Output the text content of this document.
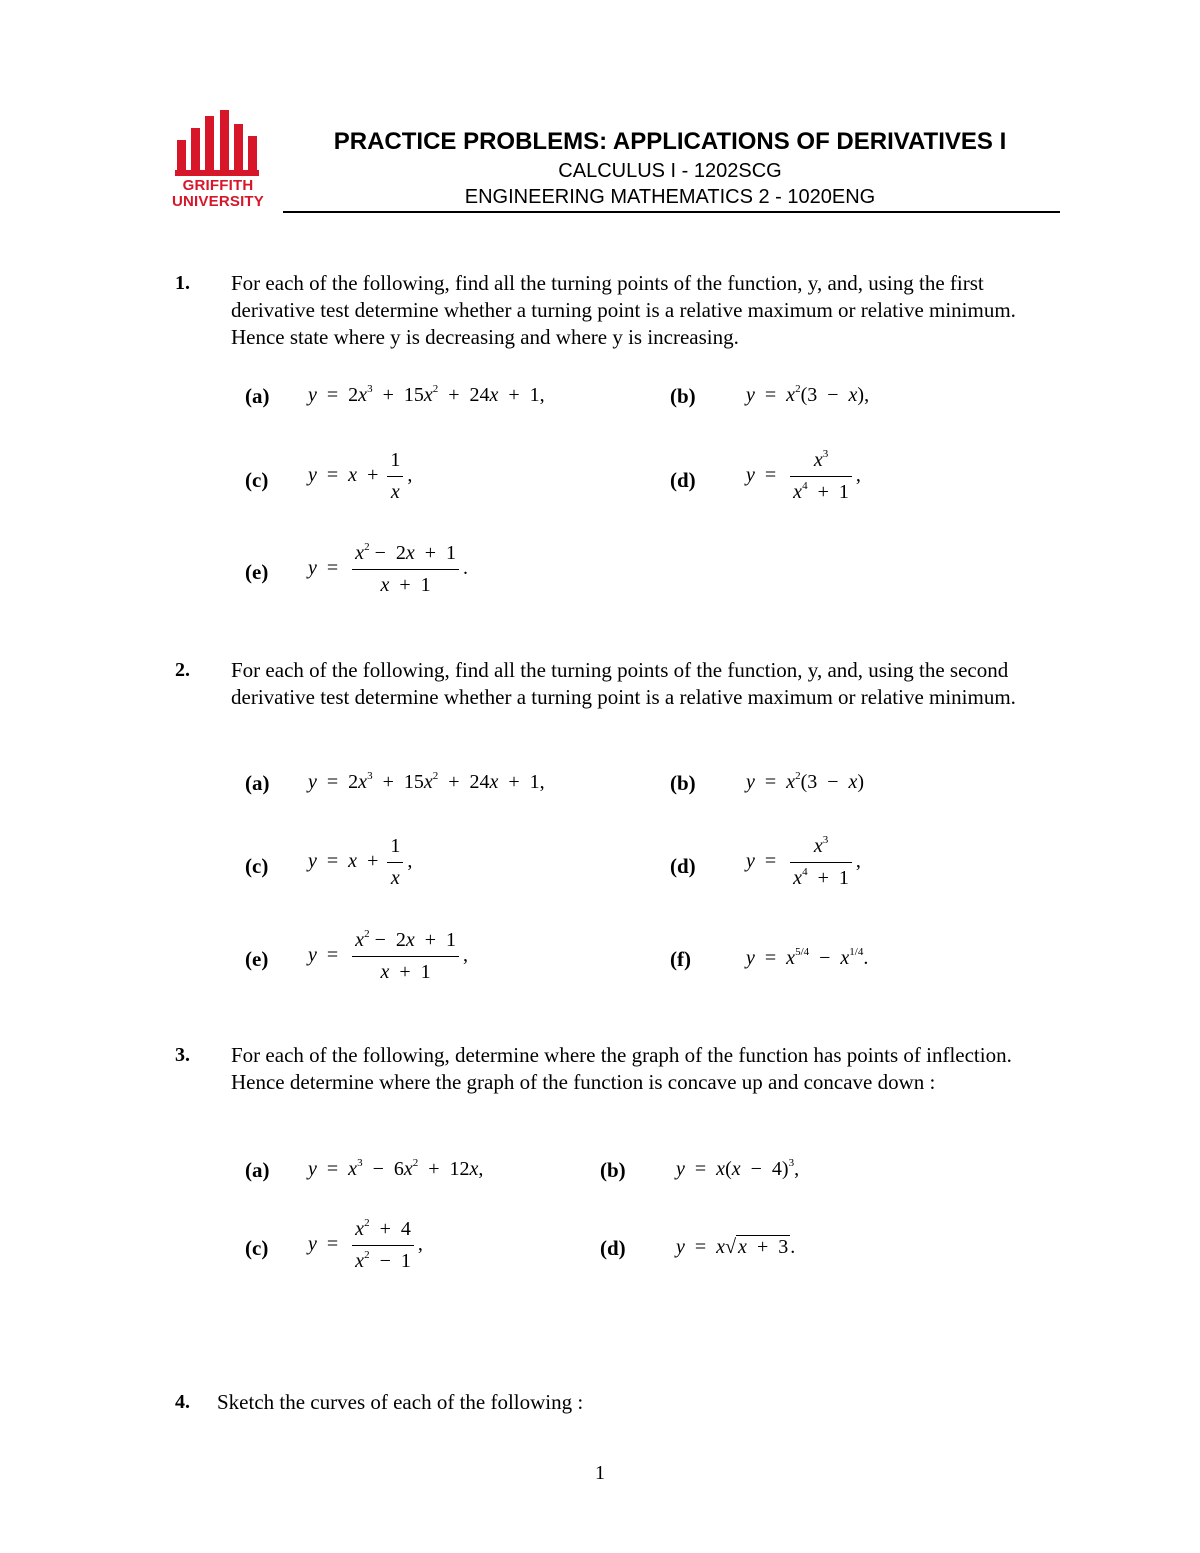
GRIFFITH
UNIVERSITY
PRACTICE PROBLEMS: APPLICATIONS OF DERIVATIVES I
CALCULUS I - 1202SCG
ENGINEERING MATHEMATICS 2 - 1020ENG
1. For each of the following, find all the turning points of the function, y, and, using the first derivative test determine whether a turning point is a relative maximum or relative minimum. Hence state where y is decreasing and where y is increasing.
(a) $y = 2x^3 + 15x^2 + 24x + 1$,	(b)	$y = x^2(3 - x)$,
(c) $y = x + \frac{1}{x}$ ,	(d)	$y = \frac{x^3}{x^4 + 1}$ ,
(e) $y = \frac{x^2 - 2x + 1}{x + 1}$ .
2. For each of the following, find all the turning points of the function, y, and, using the second derivative test determine whether a turning point is a relative maximum or relative minimum.
(a) $y = 2x^3 + 15x^2 + 24x + 1$,	(b)	$y = x^2(3 - x)$
(c) $y = x + \frac{1}{x}$ ,	(d)	$y = \frac{x^3}{x^4 + 1}$ ,
(e) $y = \frac{x^2 - 2x + 1}{x + 1}$ ,	(f)	$y = x^{5/4} - x^{1/4}$.
3. For each of the following, determine where the graph of the function has points of inflection. Hence determine where the graph of the function is concave up and concave down :
(a) $y = x^3 - 6x^2 + 12x$,	(b)	$y = x(x - 4)^3$,
(c) $y = \frac{x^2 + 4}{x^2 - 1}$ ,	(d)	y  =  x√ x  +  3 .
4. Sketch the curves of each of the following :
1
